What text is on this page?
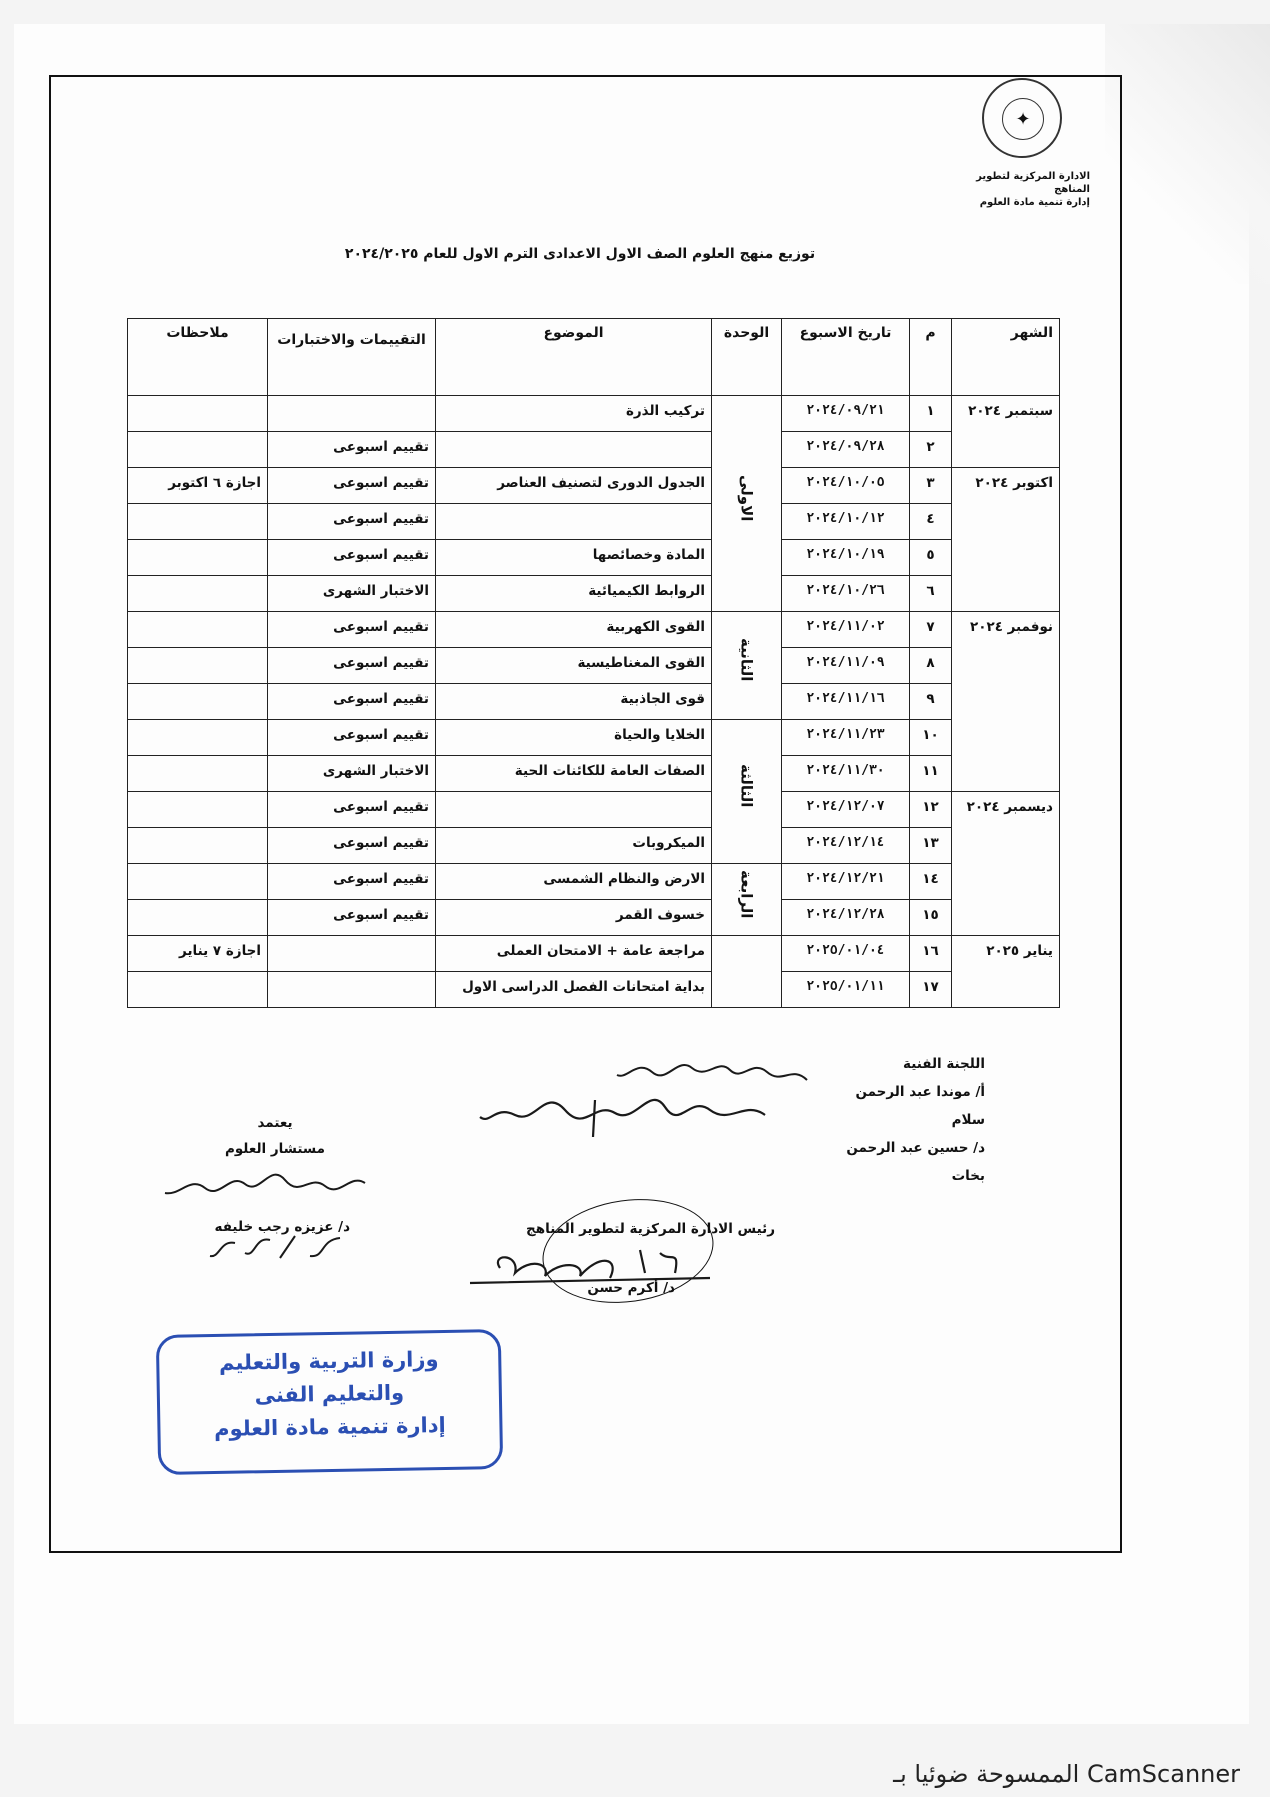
✦
الادارة المركزية لتطوير المناهج
إدارة تنمية مادة العلوم
توزيع منهج العلوم الصف الاول الاعدادى الترم الاول للعام ٢٠٢٤/٢٠٢٥
الشهر	م	تاريخ الاسبوع	الوحدة	الموضوع	التقييمات والاختبارات	ملاحظات
سبتمبر ٢٠٢٤	١	٢٠٢٤/٠٩/٢١	الاولى	تركيب الذرة		
	٢	٢٠٢٤/٠٩/٢٨			تقييم اسبوعى	
اكتوبر ٢٠٢٤	٣	٢٠٢٤/١٠/٠٥		الجدول الدورى لتصنيف العناصر	تقييم اسبوعى	اجازة ٦ اكتوبر
	٤	٢٠٢٤/١٠/١٢			تقييم اسبوعى	
	٥	٢٠٢٤/١٠/١٩		المادة وخصائصها	تقييم اسبوعى	
	٦	٢٠٢٤/١٠/٢٦		الروابط الكيميائية	الاختبار الشهرى	
نوفمبر ٢٠٢٤	٧	٢٠٢٤/١١/٠٢	الثانية	القوى الكهربية	تقييم اسبوعى	
	٨	٢٠٢٤/١١/٠٩		القوى المغناطيسية	تقييم اسبوعى	
	٩	٢٠٢٤/١١/١٦		قوى الجاذبية	تقييم اسبوعى	
	١٠	٢٠٢٤/١١/٢٣	الثالثة	الخلايا والحياة	تقييم اسبوعى	
	١١	٢٠٢٤/١١/٣٠		الصفات العامة للكائنات الحية	الاختبار الشهرى	
ديسمبر ٢٠٢٤	١٢	٢٠٢٤/١٢/٠٧			تقييم اسبوعى	
	١٣	٢٠٢٤/١٢/١٤		الميكروبات	تقييم اسبوعى	
	١٤	٢٠٢٤/١٢/٢١	الرابعة	الارض والنظام الشمسى	تقييم اسبوعى	
	١٥	٢٠٢٤/١٢/٢٨		خسوف القمر	تقييم اسبوعى	
يناير ٢٠٢٥	١٦	٢٠٢٥/٠١/٠٤		مراجعة عامة + الامتحان العملى		اجازة ٧ يناير
	١٧	٢٠٢٥/٠١/١١		بداية امتحانات الفصل الدراسى الاول		
اللجنة الفنية
أ/ موندا عبد الرحمن سلام
د/ حسين عبد الرحمن بخات
يعتمد
مستشار العلوم
د/ عزيزه رجب خليفه	رئيس الادارة المركزية لتطوير المناهج
د/ أكرم حسن
وزارة التربية والتعليم
والتعليم الفنى
إدارة تنمية مادة العلوم
الممسوحة ضوئيا بـ CamScanner
